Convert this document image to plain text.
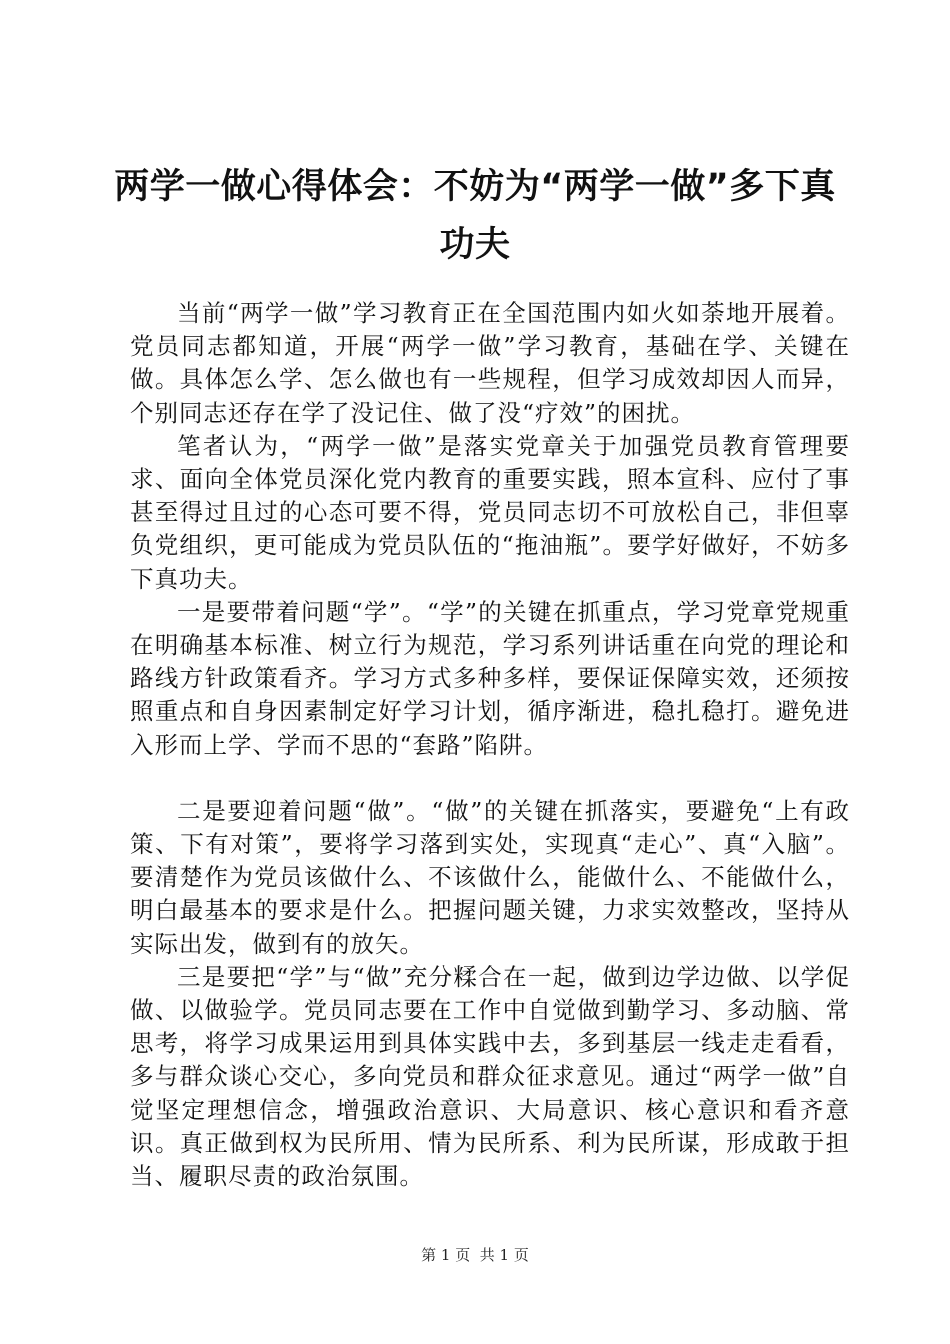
两学一做心得体会：不妨为“两学一做”多下真功夫

当前“两学一做”学习教育正在全国范围内如火如荼地开展着。党员同志都知道，开展“两学一做”学习教育，基础在学、关键在做。具体怎么学、怎么做也有一些规程，但学习成效却因人而异，个别同志还存在学了没记住、做了没“疗效”的困扰。

笔者认为，“两学一做”是落实党章关于加强党员教育管理要求、面向全体党员深化党内教育的重要实践，照本宣科、应付了事甚至得过且过的心态可要不得，党员同志切不可放松自己，非但辜负党组织，更可能成为党员队伍的“拖油瓶”。要学好做好，不妨多下真功夫。

一是要带着问题“学”。“学”的关键在抓重点，学习党章党规重在明确基本标准、树立行为规范，学习系列讲话重在向党的理论和路线方针政策看齐。学习方式多种多样，要保证保障实效，还须按照重点和自身因素制定好学习计划，循序渐进，稳扎稳打。避免进入形而上学、学而不思的“套路”陷阱。

二是要迎着问题“做”。“做”的关键在抓落实，要避免“上有政策、下有对策”，要将学习落到实处，实现真“走心”、真“入脑”。要清楚作为党员该做什么、不该做什么，能做什么、不能做什么，明白最基本的要求是什么。把握问题关键，力求实效整改，坚持从实际出发，做到有的放矢。

三是要把“学”与“做”充分糅合在一起，做到边学边做、以学促做、以做验学。党员同志要在工作中自觉做到勤学习、多动脑、常思考，将学习成果运用到具体实践中去，多到基层一线走走看看，多与群众谈心交心，多向党员和群众征求意见。通过“两学一做”自觉坚定理想信念，增强政治意识、大局意识、核心意识和看齐意识。真正做到权为民所用、情为民所系、利为民所谋，形成敢于担当、履职尽责的政治氛围。

第 1 页  共 1 页
